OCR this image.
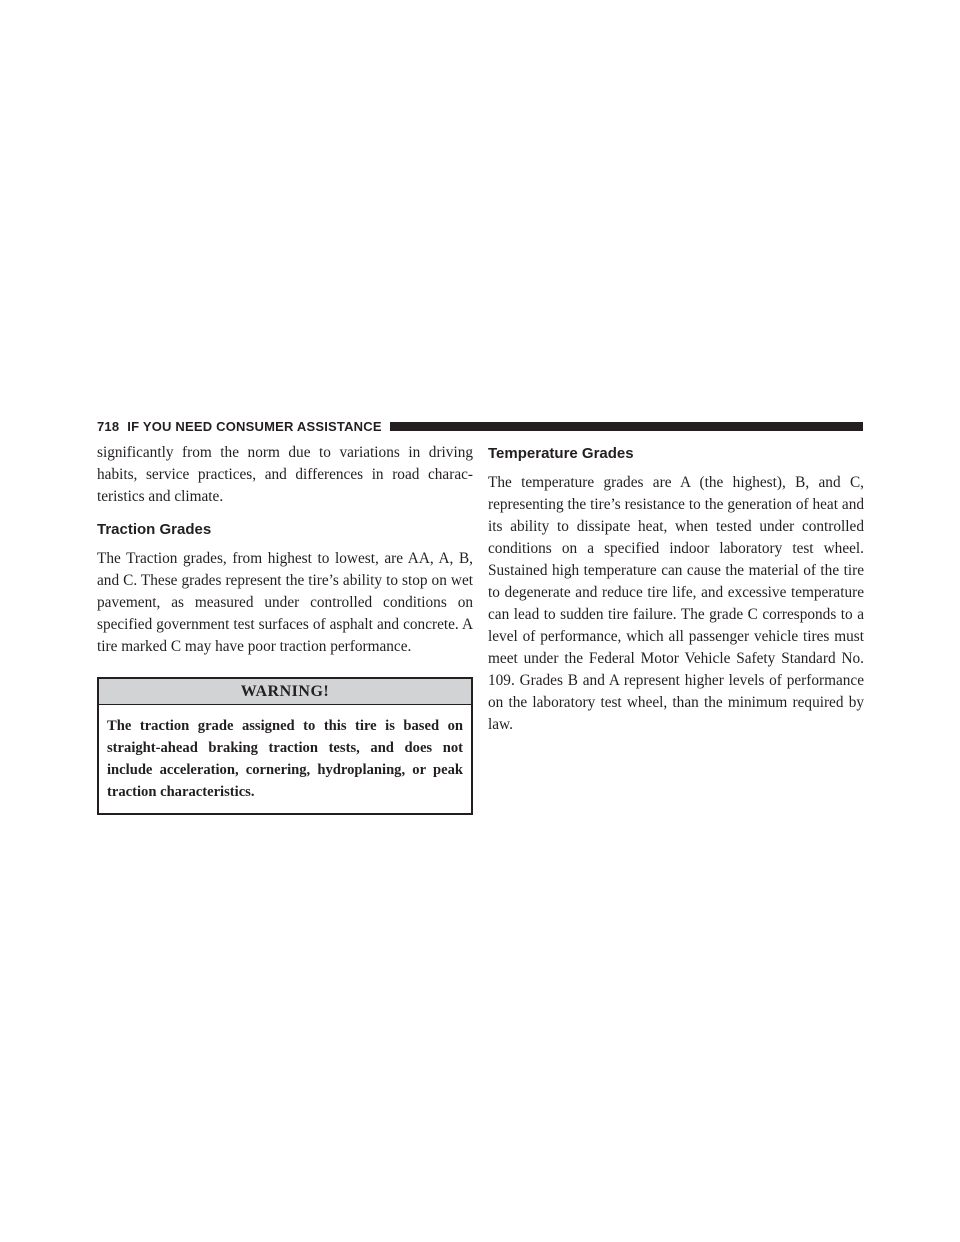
718 IF YOU NEED CONSUMER ASSISTANCE

significantly from the norm due to variations in driving habits, service practices, and differences in road charac-teristics and climate.

Traction Grades

The Traction grades, from highest to lowest, are AA, A, B, and C. These grades represent the tire’s ability to stop on wet pavement, as measured under controlled conditions on specified government test surfaces of asphalt and concrete. A tire marked C may have poor traction performance.

WARNING!
The traction grade assigned to this tire is based on straight-ahead braking traction tests, and does not include acceleration, cornering, hydroplaning, or peak traction characteristics.
Temperature Grades

The temperature grades are A (the highest), B, and C, representing the tire’s resistance to the generation of heat and its ability to dissipate heat, when tested under controlled conditions on a specified indoor laboratory test wheel. Sustained high temperature can cause the material of the tire to degenerate and reduce tire life, and excessive temperature can lead to sudden tire failure. The grade C corresponds to a level of performance, which all passenger vehicle tires must meet under the Federal Motor Vehicle Safety Standard No. 109. Grades B and A represent higher levels of performance on the laboratory test wheel, than the minimum required by law.
